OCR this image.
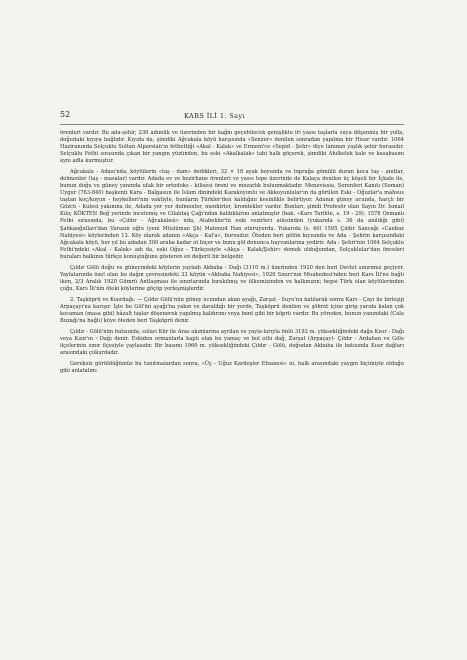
52	KARS İLİ 1. Sayı

örenleri vardır. Bu ada-şehir, 230 adımlık ve üzerinden bir kağnı geçebilecek genişlikte iri yassı taşlarla suya döşenmiş bir yolla, doğudaki kıyıya bağlıdır. Kıyıda da, şimdiki Ağcakala köyü karşısında «Senzer» denilen sonradan yapılma bir Hisar vardır. 1064 Haziranında Selçuklu Sultan Alparslan'ın fethettiği «Akal - Kalak» ve Ermeni'ce «Sepid - Şehr» diye tanınan yaşlık şehir burasıdır. Selçuklu Fethi sırasında çıkan bir yangın yüzünden, bu eski «Akalkalak» tabi halk göçerek, şimdiki Ahılkelek kale ve kasabasını aynı adla kurmuştur.

Ağcakala - Adası'nda, köylülerin «taş - dam» dedikleri, 32 × 18 ayak boyunda ve toprağa gömülü duran koca taş - anıtlar, dolmenler (taş - masalar) vardır. Adada ev ve bezirhane örenleri ve yassı tepe üzerinde de Kalaça denilen üç köşeli bir İçkale ile, bunun doğu ve güney yanında ufak bir ortodoks - kilisesi öreni ve mezarlık bulunmaktadır. Menevissia, Sorenferi Kanıtı (Soman) Uygur (763-840) başkenti Kara - Balgasun ile İslam dinindeki Karakoyunlu ve Akkoyunlular'ın da görülen Eski - Oğuzlar'a mahsus taştan koç/koyun - heykelleri'nin vaktiyle, bunların Türkler'den kaldığını kesinlikle belirtiyor. Adanın güney ucunda, harçlı bir Gözcü - Kulesi yakınına ile, Adada yer yer dolmenler, menhirler, kromlekler vardır. Bunları, şimdi Profesör olan Sayın Dr. İsmail Kılıç KÖKTEN Beğ yerinde incelemiş ve Cilalıtaş Çağı'ndan kaldıklarını anlatmıştır (bak. «Kars Tarihte, s. 19 - 29). 1578 Osmanlı Fethi sırasında, bu «Çıldır - Ağcakalesi» nda, Atabekler'in eski vezirleri ailesinden (yukarıda s. 36 da anıldığı gibi) Şahkaoğulları'dan Varazın oğlu (yeni Müslüman Şh) Mahmud Han oturuyordu. Yukarıda (s. 40) 1595 Çıldır Sancağı «Canbaz Nahiyesi» köylerinden 13. Köy olarak adanın «Akça - Kal'a», bursudur. Öteden beri gölün kıyısında ve Ada - Şehrin karşısındaki Ağcakala köyü, her yıl bu adadan 300 araba kadar ot biçer ve bunu göl donunca hayvanlarına yedirir. Ada - Şehri'nin 1064 Selçuklu Fethi'ndeki «Akal - Kalak» adı da, eski Oğuz - Türkçesiyle «Akça - Kalak/Şehir» demek olduğundan, Selçuklular'dan önceleri buraları halkının türkçe konuştuğunu gösteren en değerli bir belgedir.

Çıldır Gölü doğu ve güneyindeki köylerin yayladı Akbaba - Dağı (3110 m.) üzerinden 1920 den beri Devlet sınırımız geçiyor. Yaylalarında özel olan bu dağın çevresindeki 33 köyün «Akbaba Nahiyesi», 1920 Sınırı'nın Muahedesi'nden beri Kars İli'ne bağlı iken, 2/3 Aralık 1920 Gümrü Antlaşması ile sınırlarında bırakılmış ve ülkemizinden ve halkınızın; hepsi Türk olan köylülerinden çoğu, Kars İli'nin öteki köylerine göçüp yerleşmişlerdir.

2. Taşköprü ve Kısırdağı. — Çıldır Gölü'nün güney ucundan akan ayağı, Zarşat - Suyu'nu katılarak sonra Kars - Çayı ile birleşip Arpaçayı'na karışır. İşte bu Göl'ün ayağı'na yakın ve daraldığı bir yerde, Taşköprü denilen ve şöhret içine girip yarıda kalan çok kocaman (masa gibi) bâzalt taşlar döşenerek yapılmış kaldırımı veya bent gibi bir köprü vardır. Bu yöreden, bunun yanındaki (Cala Buzağı'na bağlı) köye öteden beri Taşköprü denir.

Çıldır - Gölü'nün batısında, suları Kür ile Aras akımlarına ayrılan ve yayla-larıyla ünlü 3192 m. yüksekliğindeki dağa Kısır - Dağı veya Kısır'ın - Dağı denir. Eskiden ormanlarla kaplı olan bu yamaç ve bol otlu dağ, Zarşat (Arpaçay)- Çıldır - Ardahan ve Göle ilçelerinin sınır ilçesiyle yaylasıdır. Bir basımı 1960 m. yüksekliğindeki Çıldır - Gölü, doğudan Akbaba ile batısında Kısır dağları arasındaki çukurdadır.

Gereksiz görüldüğümüz bu tanıtmalardan sonra, «Üç - Uğuz Kardeşler Efsanesi» ni, halk arasındaki yaygın biçimiyle olduğu gibi anlatalım:
